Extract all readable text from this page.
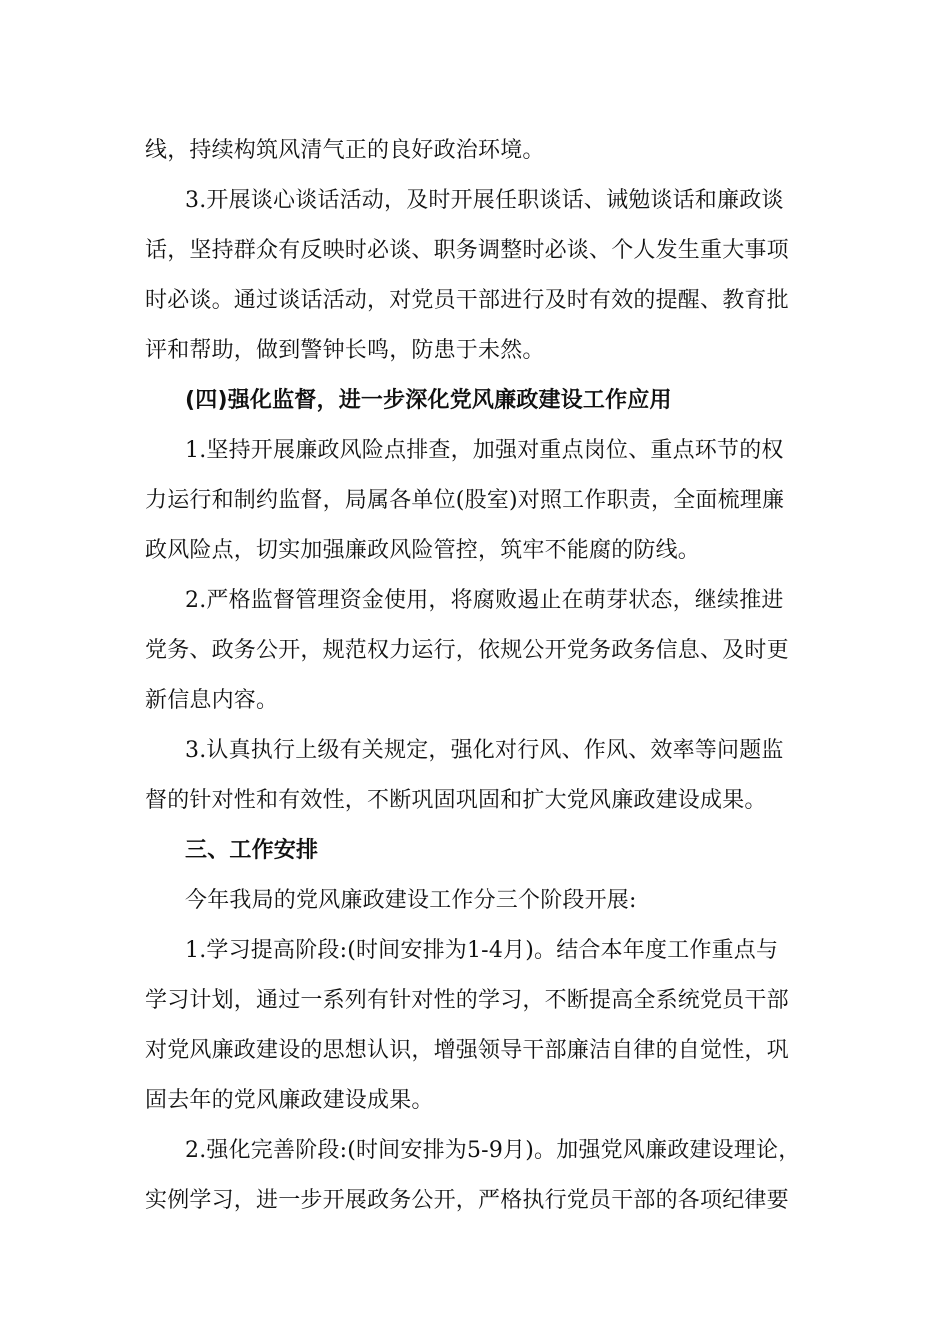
线，持续构筑风清气正的良好政治环境。
3.开展谈心谈话活动，及时开展任职谈话、诫勉谈话和廉政谈
话，坚持群众有反映时必谈、职务调整时必谈、个人发生重大事项
时必谈。通过谈话活动，对党员干部进行及时有效的提醒、教育批
评和帮助，做到警钟长鸣，防患于未然。
(四)强化监督，进一步深化党风廉政建设工作应用
1.坚持开展廉政风险点排查，加强对重点岗位、重点环节的权
力运行和制约监督，局属各单位(股室)对照工作职责，全面梳理廉
政风险点，切实加强廉政风险管控，筑牢不能腐的防线。
2.严格监督管理资金使用，将腐败遏止在萌芽状态，继续推进
党务、政务公开，规范权力运行，依规公开党务政务信息、及时更
新信息内容。
3.认真执行上级有关规定，强化对行风、作风、效率等问题监
督的针对性和有效性，不断巩固巩固和扩大党风廉政建设成果。
三、工作安排
今年我局的党风廉政建设工作分三个阶段开展:
1.学习提高阶段:(时间安排为1-4月)。结合本年度工作重点与
学习计划，通过一系列有针对性的学习，不断提高全系统党员干部
对党风廉政建设的思想认识，增强领导干部廉洁自律的自觉性，巩
固去年的党风廉政建设成果。
2.强化完善阶段:(时间安排为5-9月)。加强党风廉政建设理论，
实例学习，进一步开展政务公开，严格执行党员干部的各项纪律要
